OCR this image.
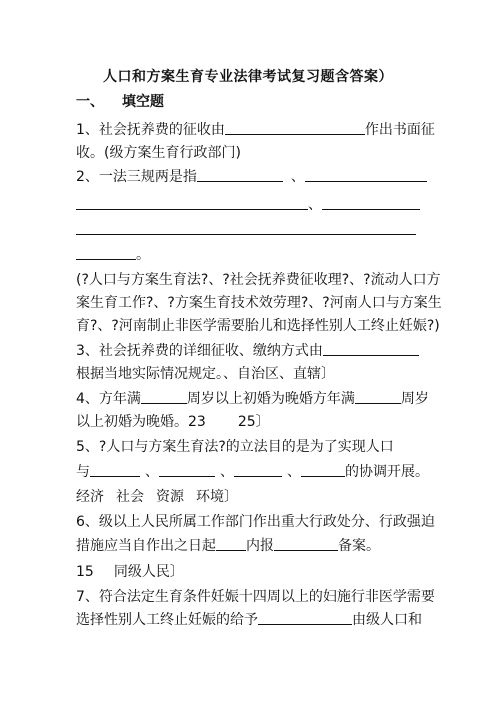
人口和方案生育专业法律考试复习题含答案）
一、 填空题
1、社会抚养费的征收由	作出书面征
收。(级方案生育行政部门)
2、一法三规两是指	、
、
。
(?人口与方案生育法?、?社会抚养费征收理?、?流动人口方
案生育工作?、?方案生育技术效劳理?、?河南人口与方案生
育?、?河南制止非医学需要胎儿和选择性别人工终止妊娠?)
3、社会抚养费的详细征收、缴纳方式由
根据当地实际情况规定。、自治区、直辖〕
4、方年满	周岁以上初婚为晚婚方年满	周岁
以上初婚为晚婚。23 25〕
5、?人口与方案生育法?的立法目的是为了实现人口
与	、	、	、	的协调开展。
经济 社会 资源 环境〕
6、级以上人民所属工作部门作出重大行政处分、行政强迫
措施应当自作出之日起 内报	备案。
15 同级人民〕
7、符合法定生育条件妊娠十四周以上的妇施行非医学需要
选择性别人工终止妊娠的给予	由级人口和
